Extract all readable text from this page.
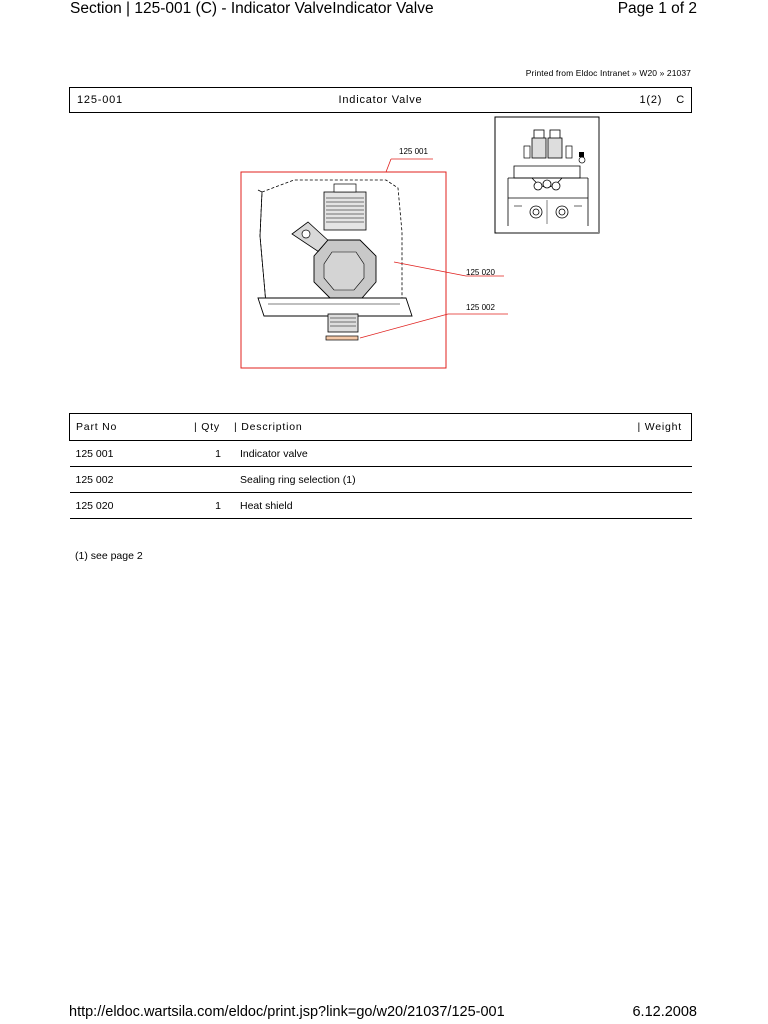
Section | 125-001 (C) - Indicator ValveIndicator Valve	Page 1 of 2
Printed from Eldoc Intranet » W20 » 21037
125-001	Indicator Valve	1(2) C
125 001
125 020
125 002
Part No	| Qty	| Description	| Weight
125 001	1	Indicator valve	
125 002		Sealing ring selection (1)	
125 020	1	Heat shield	
(1) see page 2
http://eldoc.wartsila.com/eldoc/print.jsp?link=go/w20/21037/125-001	6.12.2008
